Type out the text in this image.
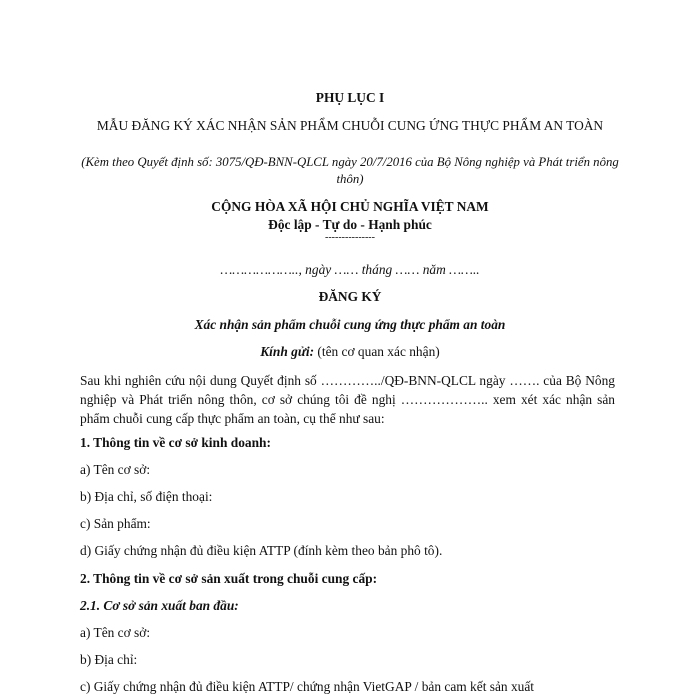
PHỤ LỤC I
MẪU ĐĂNG KÝ XÁC NHẬN SẢN PHẨM CHUỖI CUNG ỨNG THỰC PHẨM AN TOÀN
(Kèm theo Quyết định số: 3075/QĐ-BNN-QLCL ngày 20/7/2016 của Bộ Nông nghiệp và Phát triển nông thôn)
CỘNG HÒA XÃ HỘI CHỦ NGHĨA VIỆT NAM
Độc lập - Tự do - Hạnh phúc
---------------
……………….., ngày …… tháng …… năm ……..
ĐĂNG KÝ
Xác nhận sản phẩm chuỗi cung ứng thực phẩm an toàn
Kính gửi: (tên cơ quan xác nhận)
Sau khi nghiên cứu nội dung Quyết định số …………../QĐ-BNN-QLCL ngày ……. của Bộ Nông nghiệp và Phát triển nông thôn, cơ sở chúng tôi đề nghị ……………….. xem xét xác nhận sản phẩm chuỗi cung cấp thực phẩm an toàn, cụ thể như sau:
1. Thông tin về cơ sở kinh doanh:
a) Tên cơ sở:
b) Địa chỉ, số điện thoại:
c) Sản phẩm:
d) Giấy chứng nhận đủ điều kiện ATTP (đính kèm theo bản phô tô).
2. Thông tin về cơ sở sản xuất trong chuỗi cung cấp:
2.1. Cơ sở sản xuất ban đầu:
a) Tên cơ sở:
b) Địa chỉ:
c) Giấy chứng nhận đủ điều kiện ATTP/ chứng nhận VietGAP / bản cam kết sản xuất
